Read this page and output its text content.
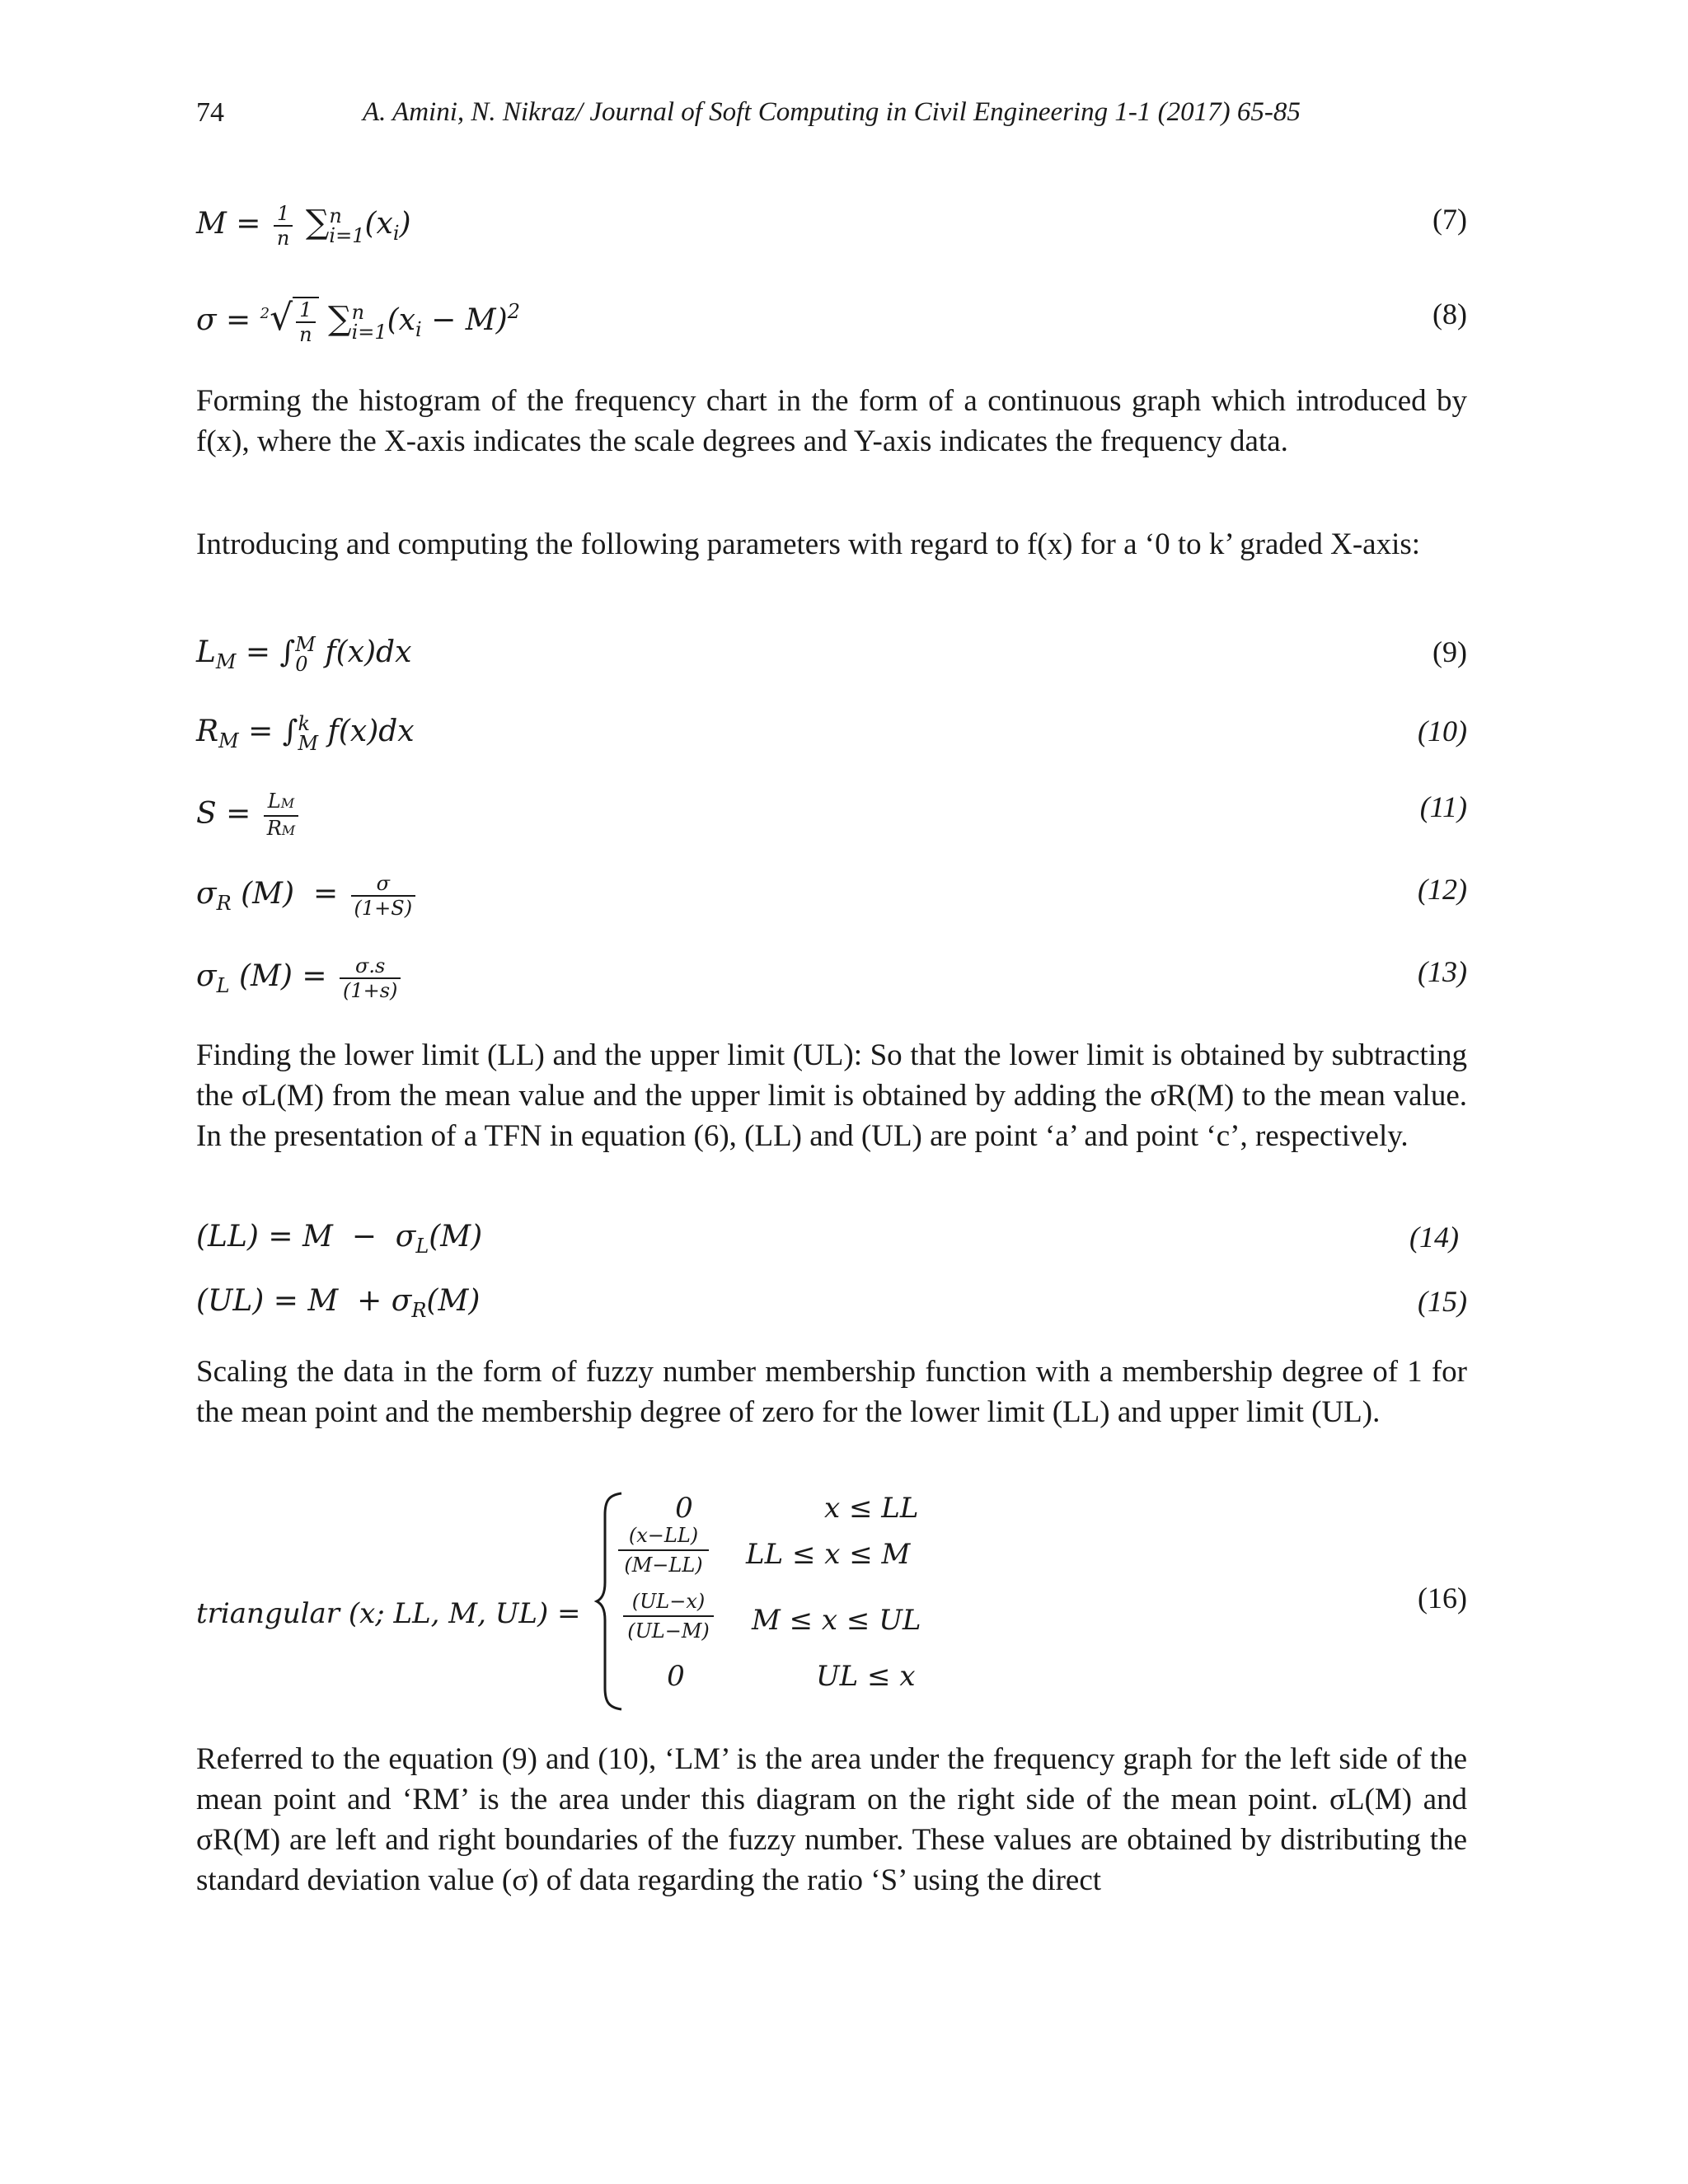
74	A. Amini, N. Nikraz/ Journal of Soft Computing in Civil Engineering 1-1 (2017) 65-85
$M = \frac{1}{n}$ ∑ n
i=1 $(x_i)$	(7)
$\sigma = ^2√ \frac{1}{n}$ ∑ n
i=1 $(x_i - M)^2$	(8)
Forming the histogram of the frequency chart in the form of a continuous graph which introduced by f(x), where the X-axis indicates the scale degrees and Y-axis indicates the frequency data.
Introducing and computing the following parameters with regard to f(x) for a ‘0 to k’ graded X-axis:
$L_M$ = ∫ M
0 f(x)dx	(9)
$R_M$ = ∫ k
M f(x)dx	(10)
$S = \frac{LM}{RM}$	(11)
$\sigma_R$ $(M) = \frac{\sigma}{(1+S)}$	(12)
$\sigma_L$ $(M) = \frac{\sigma.s}{(1+s)}$	(13)
Finding the lower limit (LL) and the upper limit (UL): So that the lower limit is obtained by subtracting the σL(M) from the mean value and the upper limit is obtained by adding the σR(M) to the mean value. In the presentation of a TFN in equation (6), (LL) and (UL) are point ‘a’ and point ‘c’, respectively.
$(LL) = M - \sigma_L(M)$	(14)
$(UL) = M + \sigma_R(M)$	(15)
Scaling the data in the form of fuzzy number membership function with a membership degree of 1 for the mean point and the membership degree of zero for the lower limit (LL) and upper limit (UL).
triangular (x; LL, M, UL) =
0	x ≤ LL
$\frac{(x-LL)}{(M-LL)}$ LL ≤ x ≤ M
$\frac{(UL-x)}{(UL-M)}$ M ≤ x ≤ UL
0	UL ≤ x
(16)
Referred to the equation (9) and (10), ‘LM’ is the area under the frequency graph for the left side of the mean point and ‘RM’ is the area under this diagram on the right side of the mean point. σL(M) and σR(M) are left and right boundaries of the fuzzy number. These values are obtained by distributing the standard deviation value (σ) of data regarding the ratio ‘S’ using the direct
